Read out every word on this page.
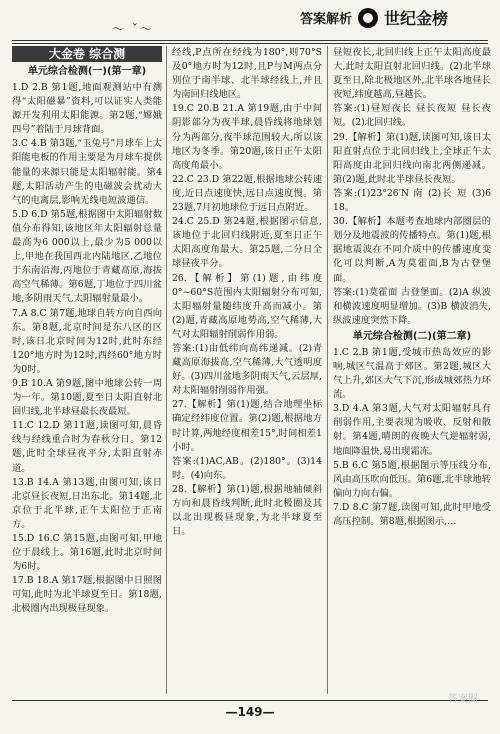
〜 ˇ〜
答案解析 世纪金榜
大金卷 综合测
单元综合检测(一)(第一章)

1.D 2.B 第1题,地面观测站中有测得“太阳磁暴”资料,可以证实人类能源开发利用太阳能源。第2题,“嫦娥四号”着陆于月球背面。

3.C 4.B 第3题,“玉兔号”月球车上太阳能电板的作用主要是为月球车提供能量的来源只能是太阳辐射能。第4题,太阳活动产生的电磁波会扰动大气的电离层,影响无线电短波通信。

5.D 6.D 第5题,根据图中太阳辐射数值分布得知,该地区年太阳辐射总量最高为6 000以上,最少为5 000以上,甲地在我国西北内陆地区,乙地位于东南沿海,丙地位于青藏高原,海拔高空气稀薄。第6题,丁地位于四川盆地,多阴雨天气,太阳辐射量最小。

7.A 8.C 第7题,地球自转方向自西向东。第8题,北京时间是东八区的区时,该日北京时间为12时,此时东经120°地方时为12时,西经60°地方时为0时。

9.B 10.A 第9题,图中地球公转一周为一年。第10题,夏至日太阳直射北回归线,北半球昼最长夜最短。

11.C 12.D 第11题,读图可知,晨昏线与经线重合时为春秋分日。第12题,此时全球昼夜平分,太阳直射赤道。

13.B 14.A 第13题,由图可知,该日北京昼长夜短,日出东北。第14题,北京位于北半球,正午太阳位于正南方。

15.D 16.C 第15题,由图可知,甲地位于晨线上。第16题,此时北京时间为6时。

17.B 18.A 第17题,根据图中日照图可知,此时为北半球夏至日。第18题,北极圈内出现极昼现象。

经线,P点所在经线为180°,则70°S及0°地方时为12时,且P与M两点分别位于南半球、北半球经线上,并且为南回归线地区。

19.C 20.B 21.A 第19题,由于中间阴影部分为夜半球,晨昏线将地球划分为两部分,夜半球范围较大,所以该地区为冬季。第20题,该日正午太阳高度角最小。

22.C 23.D 第22题,根据地球公转速度,近日点速度快,远日点速度慢。第23题,7月初地球位于远日点附近。

24.C 25.D 第24题,根据图示信息,该地位于北回归线附近,夏至日正午太阳高度角最大。第25题,二分日全球昼夜平分。

26.【解析】第(1)题,由纬度0°~60°S范围内太阳辐射分布可知,太阳辐射量随纬度升高而减小。第(2)题,青藏高原地势高,空气稀薄,大气对太阳辐射削弱作用弱。

答案:(1)由低纬向高纬递减。(2)青藏高原海拔高,空气稀薄,大气透明度好。(3)四川盆地多阴雨天气,云层厚,对太阳辐射削弱作用强。

27.【解析】第(1)题,结合地理坐标确定经纬度位置。第(2)题,根据地方时计算,两地经度相差15°,时间相差1小时。

答案:(1)AC,AB。(2)180°。(3)14时。(4)向东。

28.【解析】第(1)题,根据地轴倾斜方向和晨昏线判断,此时北极圈及其以北出现极昼现象,为北半球夏至日。

昼短夜长,北回归线上正午太阳高度最大,此时太阳直射北回归线。(2)北半球夏至日,除北极地区外,北半球各地昼长夜短,纬度越高,昼越长。

答案:(1)昼短夜长 昼长夜短 昼长夜短。(2)北回归线。

29.【解析】第(1)题,读图可知,该日太阳直射点位于北回归线上,全球正午太阳高度由北回归线向南北两侧递减。第(2)题,此时北半球昼长夜短。

答案:(1)23°26′N 南 (2)长 短 (3)6 18。

30.【解析】本题考查地球内部圈层的划分及地震波的传播特点。第(1)题,根据地震波在不同介质中的传播速度变化可以判断,A为莫霍面,B为古登堡面。

答案:(1)莫霍面 古登堡面。(2)A 纵波和横波速度明显增加。(3)B 横波消失,纵波速度突然下降。

单元综合检测(二)(第二章)

1.C 2.B 第1题,受城市热岛效应的影响,城区气温高于郊区。第2题,城区大气上升,郊区大气下沉,形成城郊热力环流。

3.D 4.A 第3题,大气对太阳辐射具有削弱作用,主要表现为吸收、反射和散射。第4题,晴朗的夜晚大气逆辐射弱,地面降温快,易出现霜冻。

5.B 6.C 第5题,根据图示等压线分布,风由高压吹向低压。第6题,北半球地转偏向力向右偏。

7.D 8.C 第7题,读图可知,此时甲地受高压控制。第8题,根据图示,…

—149—
答案圈
